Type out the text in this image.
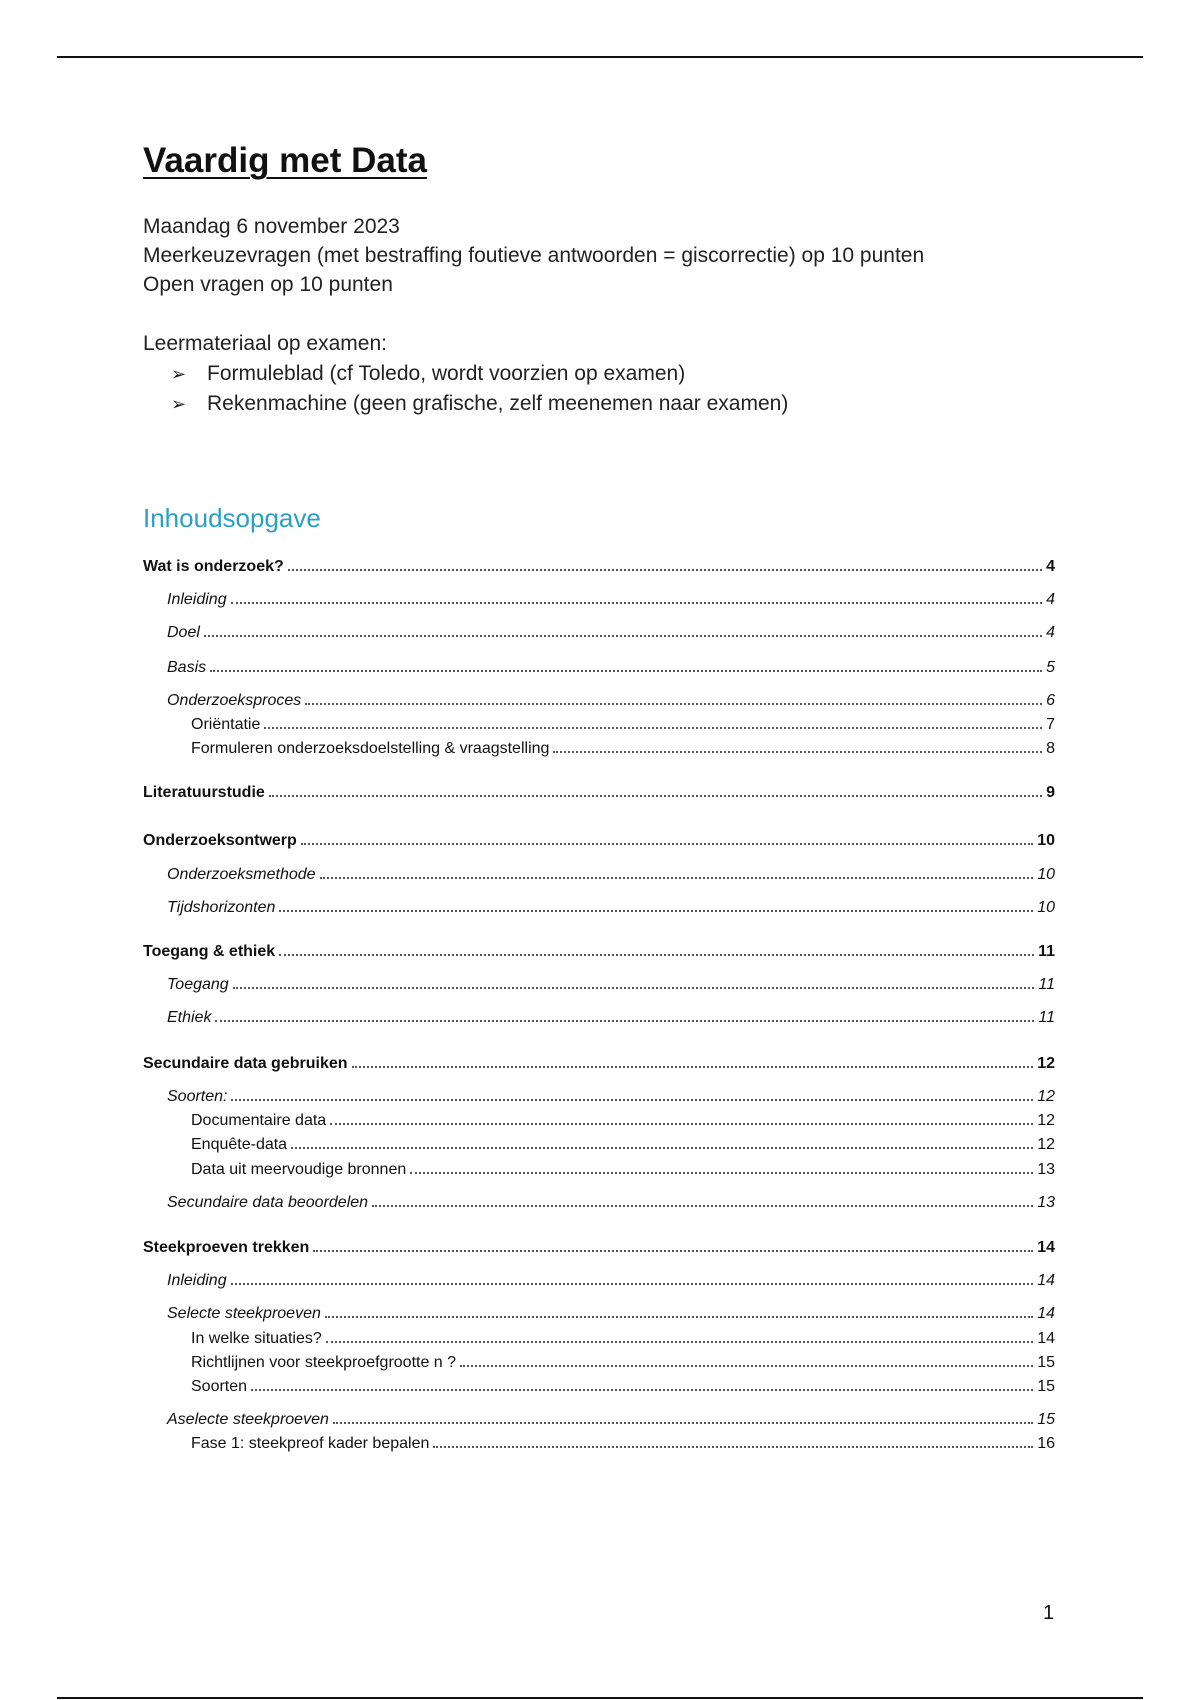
Vaardig met Data
Maandag 6 november 2023
Meerkeuzevragen (met bestraffing foutieve antwoorden = giscorrectie) op 10 punten
Open vragen op 10 punten
Leermateriaal op examen:
➢ Formuleblad (cf Toledo, wordt voorzien op examen)
➢ Rekenmachine (geen grafische, zelf meenemen naar examen)
Inhoudsopgave
Wat is onderzoek?	4
Inleiding	4
Doel	4
Basis	5
Onderzoeksproces	6
Oriëntatie	7
Formuleren onderzoeksdoelstelling & vraagstelling	8
Literatuurstudie	9
Onderzoeksontwerp	10
Onderzoeksmethode	10
Tijdshorizonten	10
Toegang & ethiek	11
Toegang	11
Ethiek	11
Secundaire data gebruiken	12
Soorten:	12
Documentaire data	12
Enquête-data	12
Data uit meervoudige bronnen	13
Secundaire data beoordelen	13
Steekproeven trekken	14
Inleiding	14
Selecte steekproeven	14
In welke situaties?	14
Richtlijnen voor steekproefgrootte n ?	15
Soorten	15
Aselecte steekproeven	15
Fase 1: steekpreof kader bepalen	16
1
